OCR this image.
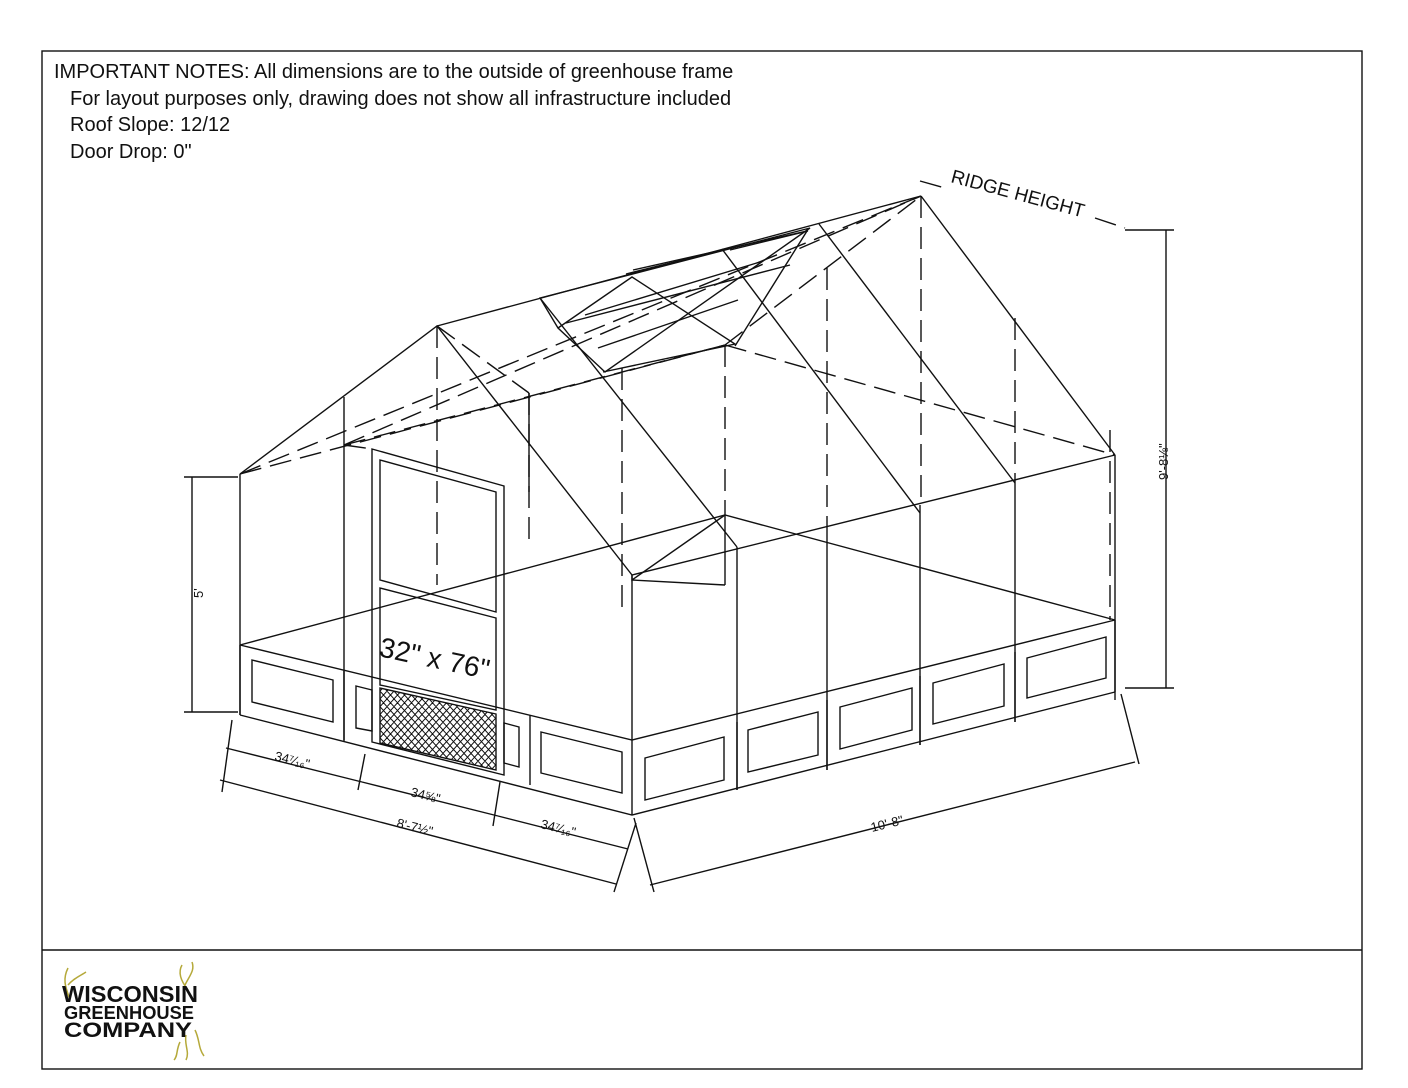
RIDGE HEIGHT
32" x 76"
5'
9'-8⅛"
34⁷⁄₁₆"
34⅝"
34⁷⁄₁₆"
8'-7½"	10'-8"
WISCONSIN
GREENHOUSE
COMPANY
IMPORTANT NOTES: All dimensions are to the outside of greenhouse frame
For layout purposes only, drawing does not show all infrastructure included
Roof Slope: 12/12
Door Drop: 0"
